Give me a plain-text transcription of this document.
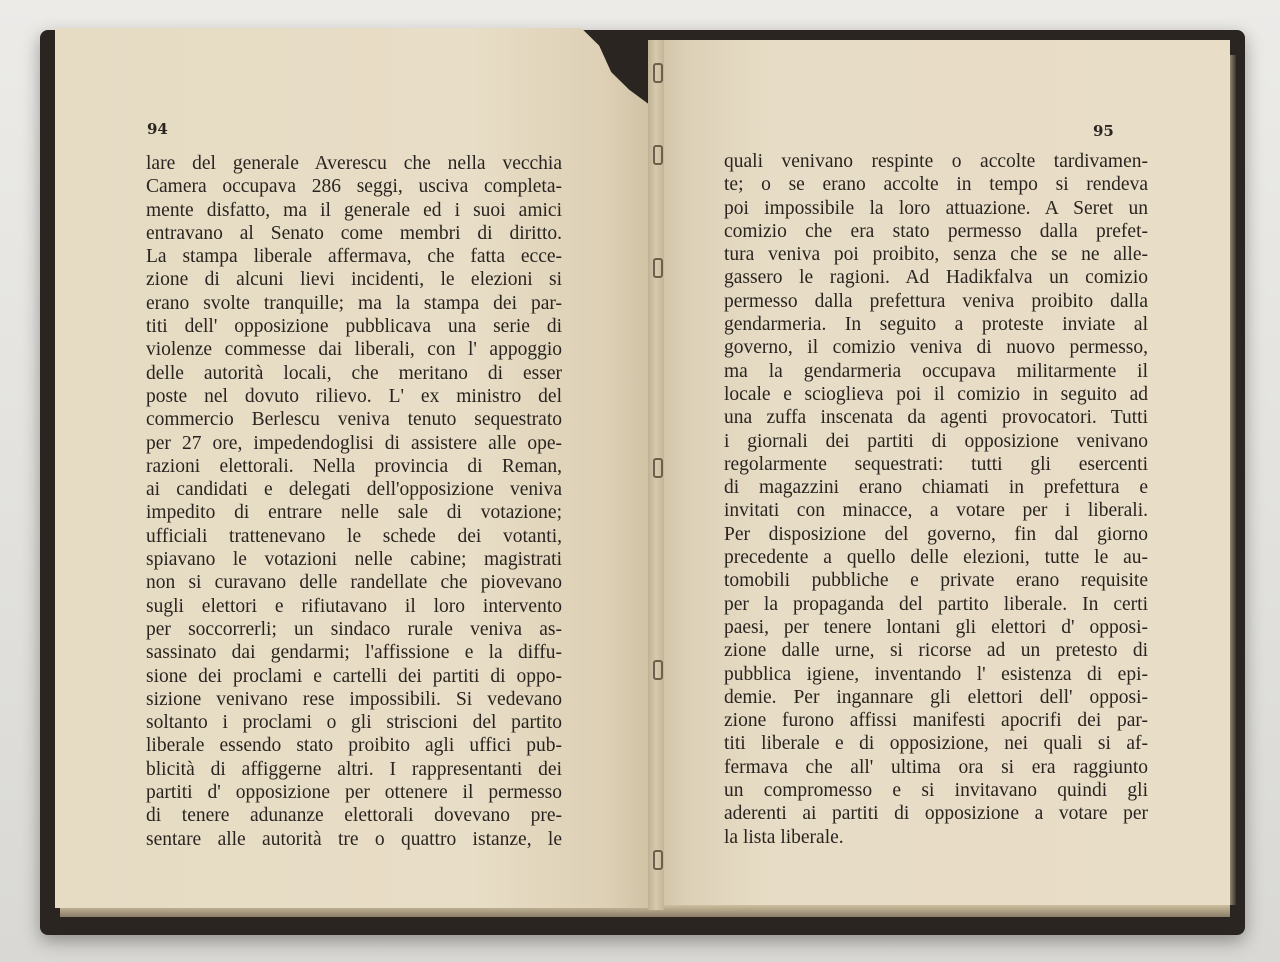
94	95
lare del generale Averescu che nella vecchia
Camera occupava 286 seggi, usciva completa-
mente disfatto, ma il generale ed i suoi amici
entravano al Senato come membri di diritto.
La stampa liberale affermava, che fatta ecce-
zione di alcuni lievi incidenti, le elezioni si
erano svolte tranquille; ma la stampa dei par-
titi dell' opposizione pubblicava una serie di
violenze commesse dai liberali, con l' appoggio
delle autorità locali, che meritano di esser
poste nel dovuto rilievo. L' ex ministro del
commercio Berlescu veniva tenuto sequestrato
per 27 ore, impedendoglisi di assistere alle ope-
razioni elettorali. Nella provincia di Reman,
ai candidati e delegati dell'opposizione veniva
impedito di entrare nelle sale di votazione;
ufficiali trattenevano le schede dei votanti,
spiavano le votazioni nelle cabine; magistrati
non si curavano delle randellate che piovevano
sugli elettori e rifiutavano il loro intervento
per soccorrerli; un sindaco rurale veniva as-
sassinato dai gendarmi; l'affissione e la diffu-
sione dei proclami e cartelli dei partiti di oppo-
sizione venivano rese impossibili. Si vedevano
soltanto i proclami o gli striscioni del partito
liberale essendo stato proibito agli uffici pub-
blicità di affiggerne altri. I rappresentanti dei
partiti d' opposizione per ottenere il permesso
di tenere adunanze elettorali dovevano pre-
sentare alle autorità tre o quattro istanze, le
quali venivano respinte o accolte tardivamen-
te; o se erano accolte in tempo si rendeva
poi impossibile la loro attuazione. A Seret un
comizio che era stato permesso dalla prefet-
tura veniva poi proibito, senza che se ne alle-
gassero le ragioni. Ad Hadikfalva un comizio
permesso dalla prefettura veniva proibito dalla
gendarmeria. In seguito a proteste inviate al
governo, il comizio veniva di nuovo permesso,
ma la gendarmeria occupava militarmente il
locale e scioglieva poi il comizio in seguito ad
una zuffa inscenata da agenti provocatori. Tutti
i giornali dei partiti di opposizione venivano
regolarmente sequestrati: tutti gli esercenti
di magazzini erano chiamati in prefettura e
invitati con minacce, a votare per i liberali.
Per disposizione del governo, fin dal giorno
precedente a quello delle elezioni, tutte le au-
tomobili pubbliche e private erano requisite
per la propaganda del partito liberale. In certi
paesi, per tenere lontani gli elettori d' opposi-
zione dalle urne, si ricorse ad un pretesto di
pubblica igiene, inventando l' esistenza di epi-
demie. Per ingannare gli elettori dell' opposi-
zione furono affissi manifesti apocrifi dei par-
titi liberale e di opposizione, nei quali si af-
fermava che all' ultima ora si era raggiunto
un compromesso e si invitavano quindi gli
aderenti ai partiti di opposizione a votare per
la lista liberale.
